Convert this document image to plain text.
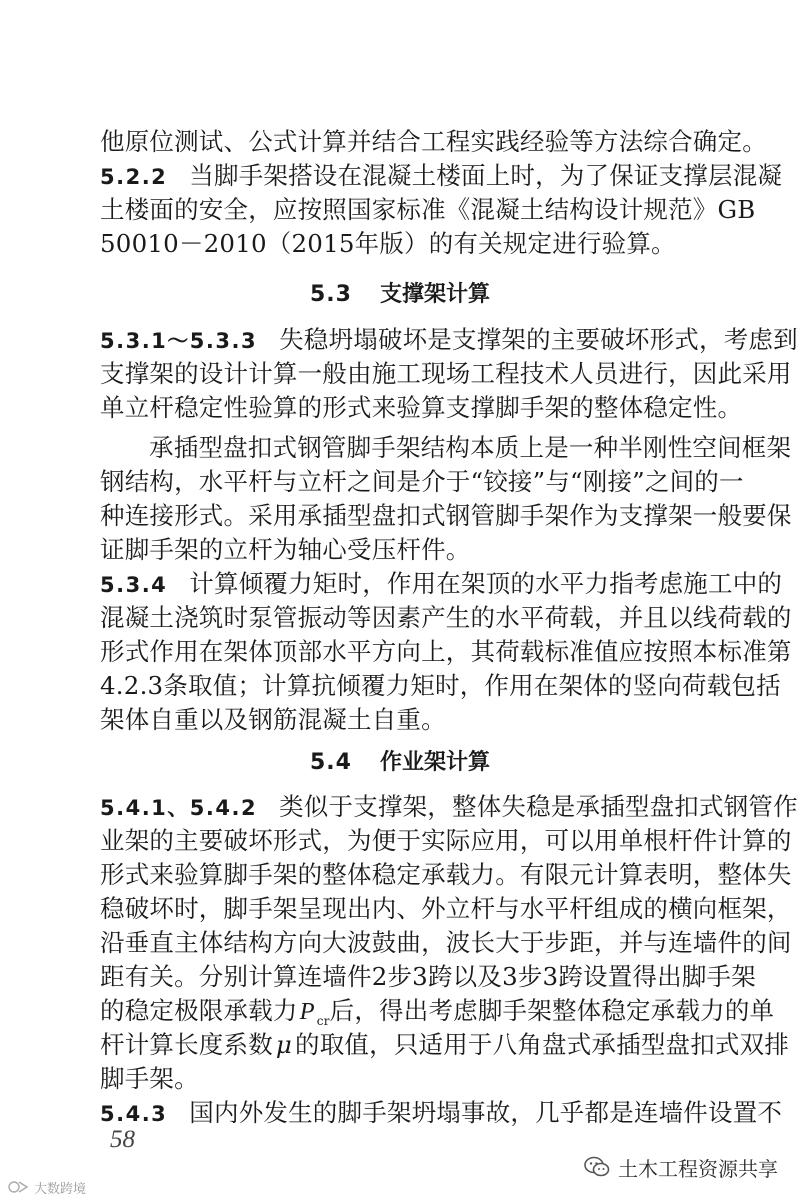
他原位测试、公式计算并结合工程实践经验等方法综合确定。
5.2.2 当脚手架搭设在混凝土楼面上时，为了保证支撑层混凝
土楼面的安全，应按照国家标准《混凝土结构设计规范》GB
50010－2010（2015年版）的有关规定进行验算。
5.3 支撑架计算
5.3.1～5.3.3 失稳坍塌破坏是支撑架的主要破坏形式，考虑到
支撑架的设计计算一般由施工现场工程技术人员进行，因此采用
单立杆稳定性验算的形式来验算支撑脚手架的整体稳定性。
承插型盘扣式钢管脚手架结构本质上是一种半刚性空间框架
钢结构，水平杆与立杆之间是介于“铰接”与“刚接”之间的一
种连接形式。采用承插型盘扣式钢管脚手架作为支撑架一般要保
证脚手架的立杆为轴心受压杆件。
5.3.4 计算倾覆力矩时，作用在架顶的水平力指考虑施工中的
混凝土浇筑时泵管振动等因素产生的水平荷载，并且以线荷载的
形式作用在架体顶部水平方向上，其荷载标准值应按照本标准第
4.2.3条取值；计算抗倾覆力矩时，作用在架体的竖向荷载包括
架体自重以及钢筋混凝土自重。
5.4 作业架计算
5.4.1、5.4.2 类似于支撑架，整体失稳是承插型盘扣式钢管作
业架的主要破坏形式，为便于实际应用，可以用单根杆件计算的
形式来验算脚手架的整体稳定承载力。有限元计算表明，整体失
稳破坏时，脚手架呈现出内、外立杆与水平杆组成的横向框架，
沿垂直主体结构方向大波鼓曲，波长大于步距，并与连墙件的间
距有关。分别计算连墙件2步3跨以及3步3跨设置得出脚手架
的稳定极限承载力P $_{cr}$后，得出考虑脚手架整体稳定承载力的单
杆计算长度系数 μ 的取值，只适用于八角盘式承插型盘扣式双排
脚手架。
5.4.3 国内外发生的脚手架坍塌事故，几乎都是连墙件设置不
58
土木工程资源共享
大数跨境
